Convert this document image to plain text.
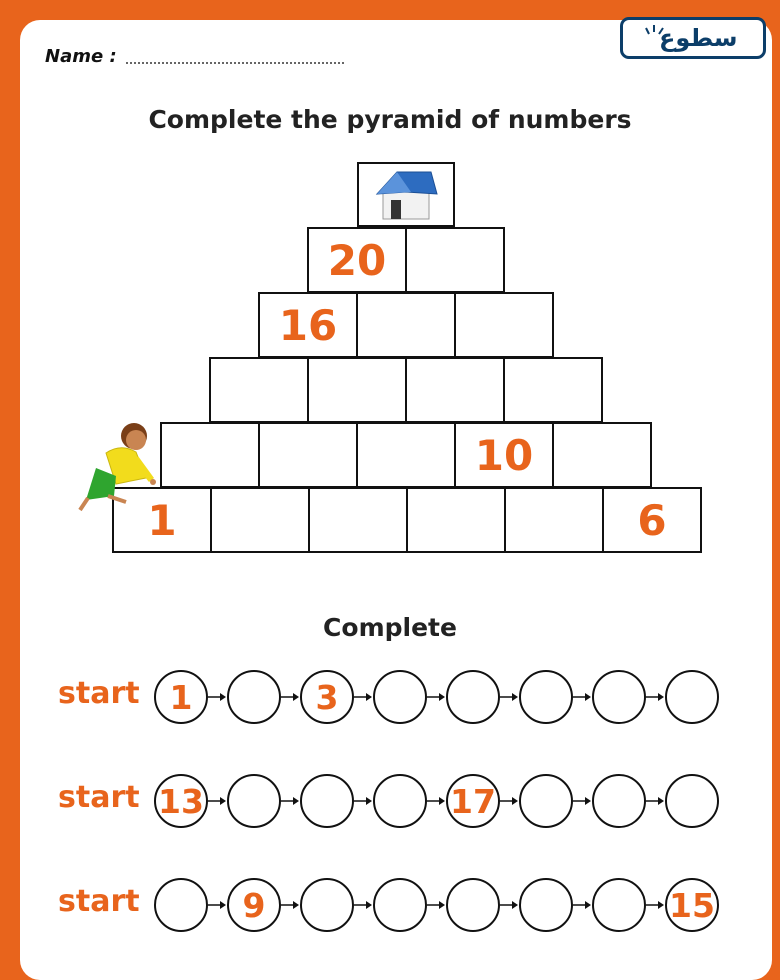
Name :
سطوع
Complete the pyramid of numbers
20
16
10
1	6
Complete
start 1	3
start 13	17
start	9	15
